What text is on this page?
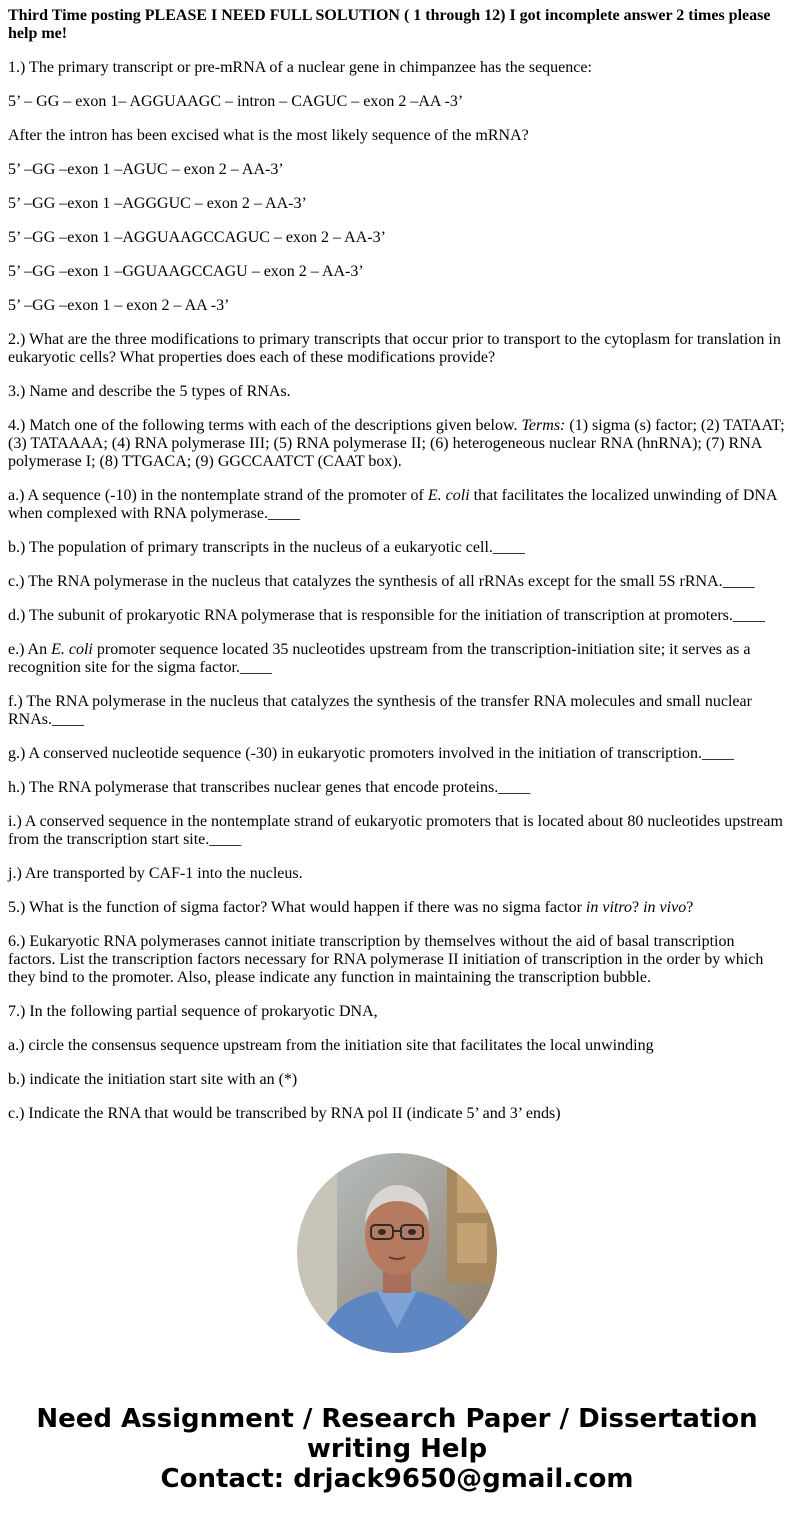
Third Time posting PLEASE I NEED FULL SOLUTION ( 1 through 12) I got incomplete answer 2 times please help me!
1.) The primary transcript or pre-mRNA of a nuclear gene in chimpanzee has the sequence:
5’ – GG – exon 1– AGGUAAGC – intron – CAGUC – exon 2 –AA -3’
After the intron has been excised what is the most likely sequence of the mRNA?
5’ –GG –exon 1 –AGUC – exon 2 – AA-3’
5’ –GG –exon 1 –AGGGUC – exon 2 – AA-3’
5’ –GG –exon 1 –AGGUAAGCCAGUC – exon 2 – AA-3’
5’ –GG –exon 1 –GGUAAGCCAGU – exon 2 – AA-3’
5’ –GG –exon 1 – exon 2 – AA -3’
2.) What are the three modifications to primary transcripts that occur prior to transport to the cytoplasm for translation in eukaryotic cells? What properties does each of these modifications provide?
3.) Name and describe the 5 types of RNAs.
4.) Match one of the following terms with each of the descriptions given below. Terms: (1) sigma (s) factor; (2) TATAAT; (3) TATAAAA; (4) RNA polymerase III; (5) RNA polymerase II; (6) heterogeneous nuclear RNA (hnRNA); (7) RNA polymerase I; (8) TTGACA; (9) GGCCAATCT (CAAT box).
a.) A sequence (-10) in the nontemplate strand of the promoter of E. coli that facilitates the localized unwinding of DNA when complexed with RNA polymerase.____
b.) The population of primary transcripts in the nucleus of a eukaryotic cell.____
c.) The RNA polymerase in the nucleus that catalyzes the synthesis of all rRNAs except for the small 5S rRNA.____
d.) The subunit of prokaryotic RNA polymerase that is responsible for the initiation of transcription at promoters.____
e.) An E. coli promoter sequence located 35 nucleotides upstream from the transcription-initiation site; it serves as a recognition site for the sigma factor.____
f.) The RNA polymerase in the nucleus that catalyzes the synthesis of the transfer RNA molecules and small nuclear RNAs.____
g.) A conserved nucleotide sequence (-30) in eukaryotic promoters involved in the initiation of transcription.____
h.) The RNA polymerase that transcribes nuclear genes that encode proteins.____
i.) A conserved sequence in the nontemplate strand of eukaryotic promoters that is located about 80 nucleotides upstream from the transcription start site.____
j.) Are transported by CAF-1 into the nucleus.
5.) What is the function of sigma factor? What would happen if there was no sigma factor in vitro? in vivo?
6.) Eukaryotic RNA polymerases cannot initiate transcription by themselves without the aid of basal transcription factors. List the transcription factors necessary for RNA polymerase II initiation of transcription in the order by which they bind to the promoter. Also, please indicate any function in maintaining the transcription bubble.
7.) In the following partial sequence of prokaryotic DNA,
a.) circle the consensus sequence upstream from the initiation site that facilitates the local unwinding
b.) indicate the initiation start site with an (*)
c.) Indicate the RNA that would be transcribed by RNA pol II (indicate 5’ and 3’ ends)
Need Assignment / Research Paper / Dissertation writing Help
Contact: drjack9650@gmail.com
